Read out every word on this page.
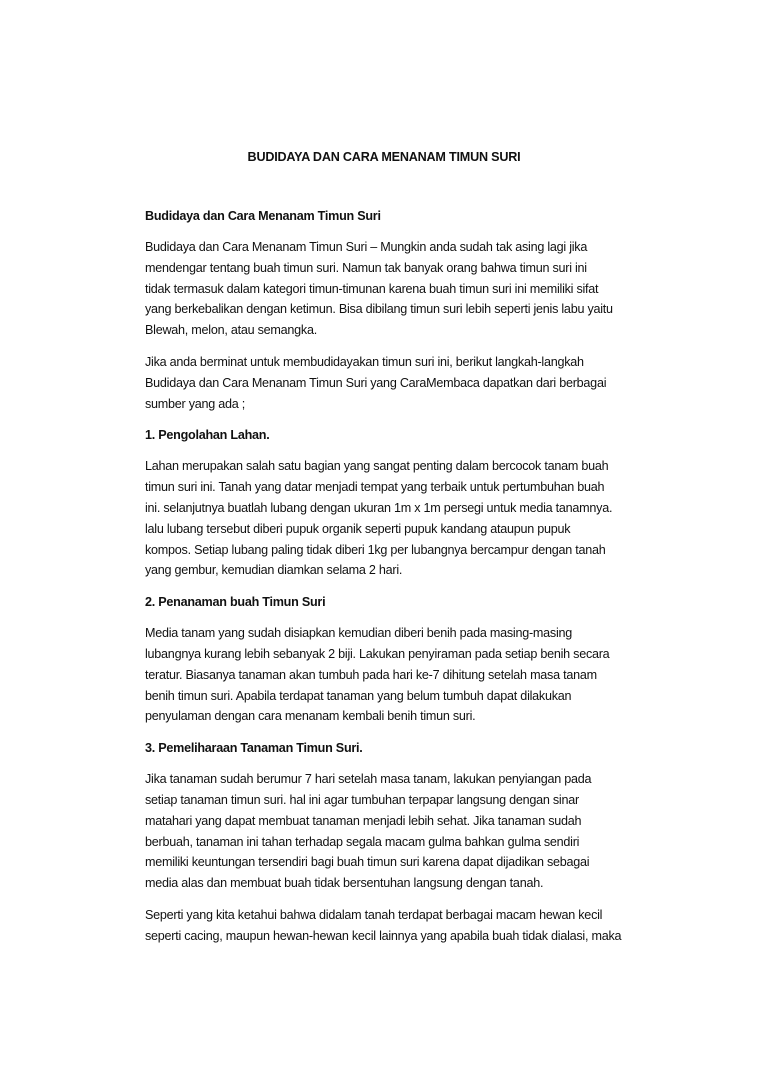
BUDIDAYA DAN CARA MENANAM TIMUN SURI
Budidaya dan Cara Menanam Timun Suri
Budidaya dan Cara Menanam Timun Suri – Mungkin anda sudah tak asing lagi jika
mendengar tentang buah timun suri. Namun tak banyak orang bahwa timun suri ini
tidak termasuk dalam kategori timun-timunan karena buah timun suri ini memiliki sifat
yang berkebalikan dengan ketimun. Bisa dibilang timun suri lebih seperti jenis labu yaitu
Blewah, melon, atau semangka.
Jika anda berminat untuk membudidayakan timun suri ini, berikut langkah-langkah
Budidaya dan Cara Menanam Timun Suri yang CaraMembaca dapatkan dari berbagai
sumber yang ada ;
1. Pengolahan Lahan.
Lahan merupakan salah satu bagian yang sangat penting dalam bercocok tanam buah
timun suri ini. Tanah yang datar menjadi tempat yang terbaik untuk pertumbuhan buah
ini. selanjutnya buatlah lubang dengan ukuran 1m x 1m persegi untuk media tanamnya.
lalu lubang tersebut diberi pupuk organik seperti pupuk kandang ataupun pupuk
kompos. Setiap lubang paling tidak diberi 1kg per lubangnya bercampur dengan tanah
yang gembur, kemudian diamkan selama 2 hari.
2. Penanaman buah Timun Suri
Media tanam yang sudah disiapkan kemudian diberi benih pada masing-masing
lubangnya kurang lebih sebanyak 2 biji. Lakukan penyiraman pada setiap benih secara
teratur. Biasanya tanaman akan tumbuh pada hari ke-7 dihitung setelah masa tanam
benih timun suri. Apabila terdapat tanaman yang belum tumbuh dapat dilakukan
penyulaman dengan cara menanam kembali benih timun suri.
3. Pemeliharaan Tanaman Timun Suri.
Jika tanaman sudah berumur 7 hari setelah masa tanam, lakukan penyiangan pada
setiap tanaman timun suri. hal ini agar tumbuhan terpapar langsung dengan sinar
matahari yang dapat membuat tanaman menjadi lebih sehat. Jika tanaman sudah
berbuah, tanaman ini tahan terhadap segala macam gulma bahkan gulma sendiri
memiliki keuntungan tersendiri bagi buah timun suri karena dapat dijadikan sebagai
media alas dan membuat buah tidak bersentuhan langsung dengan tanah.
Seperti yang kita ketahui bahwa didalam tanah terdapat berbagai macam hewan kecil
seperti cacing, maupun hewan-hewan kecil lainnya yang apabila buah tidak dialasi, maka
